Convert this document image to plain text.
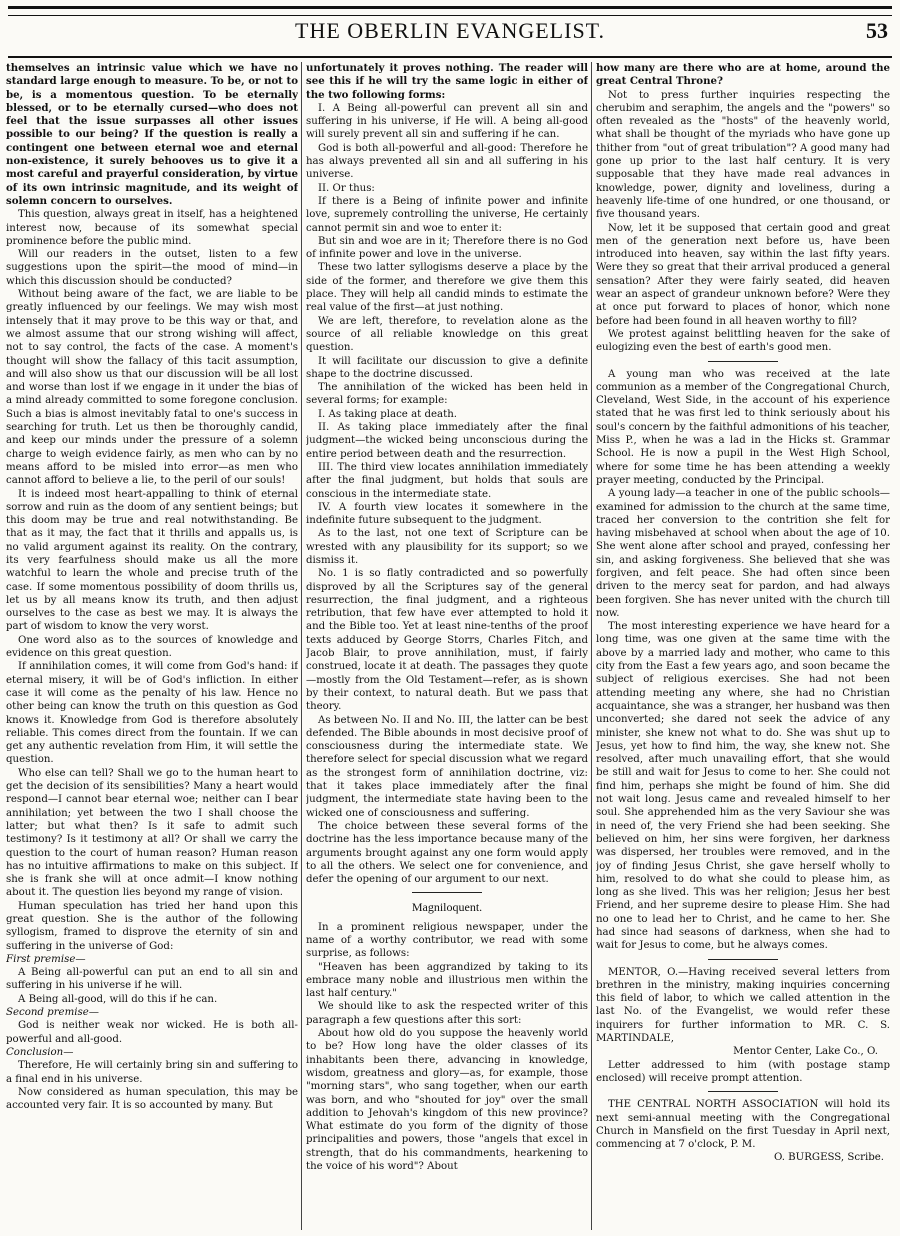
THE OBERLIN EVANGELIST.	53

themselves an intrinsic value which we have no standard large enough to measure. To be, or not to be, is a momentous question. To be eternally blessed, or to be eternally cursed—who does not feel that the issue surpasses all other issues possible to our being? If the question is really a contingent one between eternal woe and eternal non-existence, it surely behooves us to give it a most careful and prayerful consideration, by virtue of its own intrinsic magnitude, and its weight of solemn concern to ourselves.

This question, always great in itself, has a heightened interest now, because of its somewhat special prominence before the public mind.

Will our readers in the outset, listen to a few suggestions upon the spirit—the mood of mind—in which this discussion should be conducted?

Without being aware of the fact, we are liable to be greatly influenced by our feelings. We may wish most intensely that it may prove to be this way or that, and we almost assume that our strong wishing will affect, not to say control, the facts of the case. A moment's thought will show the fallacy of this tacit assumption, and will also show us that our discussion will be all lost and worse than lost if we engage in it under the bias of a mind already committed to some foregone conclusion. Such a bias is almost inevitably fatal to one's success in searching for truth. Let us then be thoroughly candid, and keep our minds under the pressure of a solemn charge to weigh evidence fairly, as men who can by no means afford to be misled into error—as men who cannot afford to believe a lie, to the peril of our souls!

It is indeed most heart-appalling to think of eternal sorrow and ruin as the doom of any sentient beings; but this doom may be true and real notwithstanding. Be that as it may, the fact that it thrills and appalls us, is no valid argument against its reality. On the contrary, its very fearfulness should make us all the more watchful to learn the whole and precise truth of the case. If some momentous possibility of doom thrills us, let us by all means know its truth, and then adjust ourselves to the case as best we may. It is always the part of wisdom to know the very worst.

One word also as to the sources of knowledge and evidence on this great question.

If annihilation comes, it will come from God's hand: if eternal misery, it will be of God's infliction. In either case it will come as the penalty of his law. Hence no other being can know the truth on this question as God knows it. Knowledge from God is therefore absolutely reliable. This comes direct from the fountain. If we can get any authentic revelation from Him, it will settle the question.

Who else can tell? Shall we go to the human heart to get the decision of its sensibilities? Many a heart would respond—I cannot bear eternal woe; neither can I bear annihilation; yet between the two I shall choose the latter; but what then? Is it safe to admit such testimony? Is it testimony at all? Or shall we carry the question to the court of human reason? Human reason has no intuitive affirmations to make on this subject. If she is frank she will at once admit—I know nothing about it. The question lies beyond my range of vision.

Human speculation has tried her hand upon this great question. She is the author of the following syllogism, framed to disprove the eternity of sin and suffering in the universe of God:

First premise—

A Being all-powerful can put an end to all sin and suffering in his universe if he will.

A Being all-good, will do this if he can.

Second premise—

God is neither weak nor wicked. He is both all-powerful and all-good.

Conclusion—

Therefore, He will certainly bring sin and suffering to a final end in his universe.

Now considered as human speculation, this may be accounted very fair. It is so accounted by many. But

unfortunately it proves nothing. The reader will see this if he will try the same logic in either of the two following forms:

I. A Being all-powerful can prevent all sin and suffering in his universe, if He will. A being all-good will surely prevent all sin and suffering if he can.

God is both all-powerful and all-good: Therefore he has always prevented all sin and all suffering in his universe.

II. Or thus:

If there is a Being of infinite power and infinite love, supremely controlling the universe, He certainly cannot permit sin and woe to enter it:

But sin and woe are in it; Therefore there is no God of infinite power and love in the universe.

These two latter syllogisms deserve a place by the side of the former, and therefore we give them this place. They will help all candid minds to estimate the real value of the first—at just nothing.

We are left, therefore, to revelation alone as the source of all reliable knowledge on this great question.

It will facilitate our discussion to give a definite shape to the doctrine discussed.

The annihilation of the wicked has been held in several forms; for example:

I. As taking place at death.

II. As taking place immediately after the final judgment—the wicked being unconscious during the entire period between death and the resurrection.

III. The third view locates annihilation immediately after the final judgment, but holds that souls are conscious in the intermediate state.

IV. A fourth view locates it somewhere in the indefinite future subsequent to the judgment.

As to the last, not one text of Scripture can be wrested with any plausibility for its support; so we dismiss it.

No. 1 is so flatly contradicted and so powerfully disproved by all the Scriptures say of the general resurrection, the final judgment, and a righteous retribution, that few have ever attempted to hold it and the Bible too. Yet at least nine-tenths of the proof texts adduced by George Storrs, Charles Fitch, and Jacob Blair, to prove annihilation, must, if fairly construed, locate it at death. The passages they quote—mostly from the Old Testament—refer, as is shown by their context, to natural death. But we pass that theory.

As between No. II and No. III, the latter can be best defended. The Bible abounds in most decisive proof of consciousness during the intermediate state. We therefore select for special discussion what we regard as the strongest form of annihilation doctrine, viz: that it takes place immediately after the final judgment, the intermediate state having been to the wicked one of consciousness and suffering.

The choice between these several forms of the doctrine has the less importance because many of the arguments brought against any one form would apply to all the others. We select one for convenience, and defer the opening of our argument to our next.

Magniloquent.

In a prominent religious newspaper, under the name of a worthy contributor, we read with some surprise, as follows:

"Heaven has been aggrandized by taking to its embrace many noble and illustrious men within the last half century."

We should like to ask the respected writer of this paragraph a few questions after this sort:

About how old do you suppose the heavenly world to be? How long have the older classes of its inhabitants been there, advancing in knowledge, wisdom, greatness and glory—as, for example, those "morning stars", who sang together, when our earth was born, and who "shouted for joy" over the small addition to Jehovah's kingdom of this new province? What estimate do you form of the dignity of those principalities and powers, those "angels that excel in strength, that do his commandments, hearkening to the voice of his word"? About

how many are there who are at home, around the great Central Throne?

Not to press further inquiries respecting the cherubim and seraphim, the angels and the "powers" so often revealed as the "hosts" of the heavenly world, what shall be thought of the myriads who have gone up thither from "out of great tribulation"? A good many had gone up prior to the last half century. It is very supposable that they have made real advances in knowledge, power, dignity and loveliness, during a heavenly life-time of one hundred, or one thousand, or five thousand years.

Now, let it be supposed that certain good and great men of the generation next before us, have been introduced into heaven, say within the last fifty years. Were they so great that their arrival produced a general sensation? After they were fairly seated, did heaven wear an aspect of grandeur unknown before? Were they at once put forward to places of honor, which none before had been found in all heaven worthy to fill?

We protest against belittling heaven for the sake of eulogizing even the best of earth's good men.

A young man who was received at the late communion as a member of the Congregational Church, Cleveland, West Side, in the account of his experience stated that he was first led to think seriously about his soul's concern by the faithful admonitions of his teacher, Miss P., when he was a lad in the Hicks st. Grammar School. He is now a pupil in the West High School, where for some time he has been attending a weekly prayer meeting, conducted by the Principal.

A young lady—a teacher in one of the public schools—examined for admission to the church at the same time, traced her conversion to the contrition she felt for having misbehaved at school when about the age of 10. She went alone after school and prayed, confessing her sin, and asking forgiveness. She believed that she was forgiven, and felt peace. She had often since been driven to the mercy seat for pardon, and had always been forgiven. She has never united with the church till now.

The most interesting experience we have heard for a long time, was one given at the same time with the above by a married lady and mother, who came to this city from the East a few years ago, and soon became the subject of religious exercises. She had not been attending meeting any where, she had no Christian acquaintance, she was a stranger, her husband was then unconverted; she dared not seek the advice of any minister, she knew not what to do. She was shut up to Jesus, yet how to find him, the way, she knew not. She resolved, after much unavailing effort, that she would be still and wait for Jesus to come to her. She could not find him, perhaps she might be found of him. She did not wait long. Jesus came and revealed himself to her soul. She apprehended him as the very Saviour she was in need of, the very Friend she had been seeking. She believed on him, her sins were forgiven, her darkness was dispersed, her troubles were removed, and in the joy of finding Jesus Christ, she gave herself wholly to him, resolved to do what she could to please him, as long as she lived. This was her religion; Jesus her best Friend, and her supreme desire to please Him. She had no one to lead her to Christ, and he came to her. She had since had seasons of darkness, when she had to wait for Jesus to come, but he always comes.

MENTOR, O.—Having received several letters from brethren in the ministry, making inquiries concerning this field of labor, to which we called attention in the last No. of the Evangelist, we would refer these inquirers for further information to MR. C. S. MARTINDALE,

Mentor Center, Lake Co., O.

Letter addressed to him (with postage stamp enclosed) will receive prompt attention.

THE CENTRAL NORTH ASSOCIATION will hold its next semi-annual meeting with the Congregational Church in Mansfield on the first Tuesday in April next, commencing at 7 o'clock, P. M.

O. BURGESS, Scribe.
